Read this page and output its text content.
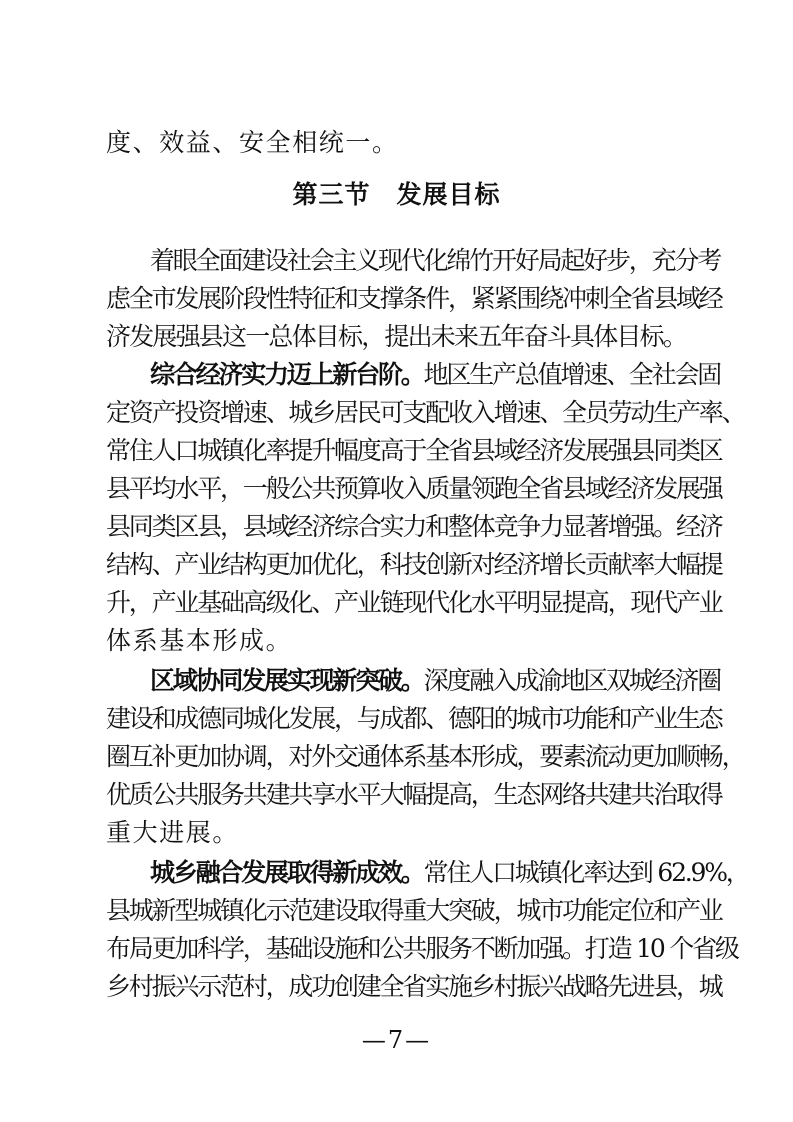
度、效益、安全相统一。
第三节　发展目标
着眼全面建设社会主义现代化绵竹开好局起好步，充分考
虑全市发展阶段性特征和支撑条件，紧紧围绕冲刺全省县域经
济发展强县这一总体目标，提出未来五年奋斗具体目标。
综合经济实力迈上新台阶。地区生产总值增速、全社会固
定资产投资增速、城乡居民可支配收入增速、全员劳动生产率、
常住人口城镇化率提升幅度高于全省县域经济发展强县同类区
县平均水平，一般公共预算收入质量领跑全省县域经济发展强
县同类区县，县域经济综合实力和整体竞争力显著增强。经济
结构、产业结构更加优化，科技创新对经济增长贡献率大幅提
升，产业基础高级化、产业链现代化水平明显提高，现代产业
体系基本形成。
区域协同发展实现新突破。深度融入成渝地区双城经济圈
建设和成德同城化发展，与成都、德阳的城市功能和产业生态
圈互补更加协调，对外交通体系基本形成，要素流动更加顺畅，
优质公共服务共建共享水平大幅提高，生态网络共建共治取得
重大进展。
城乡融合发展取得新成效。常住人口城镇化率达到 62.9%，
县城新型城镇化示范建设取得重大突破，城市功能定位和产业
布局更加科学，基础设施和公共服务不断加强。打造 10 个省级
乡村振兴示范村，成功创建全省实施乡村振兴战略先进县，城
—7—
